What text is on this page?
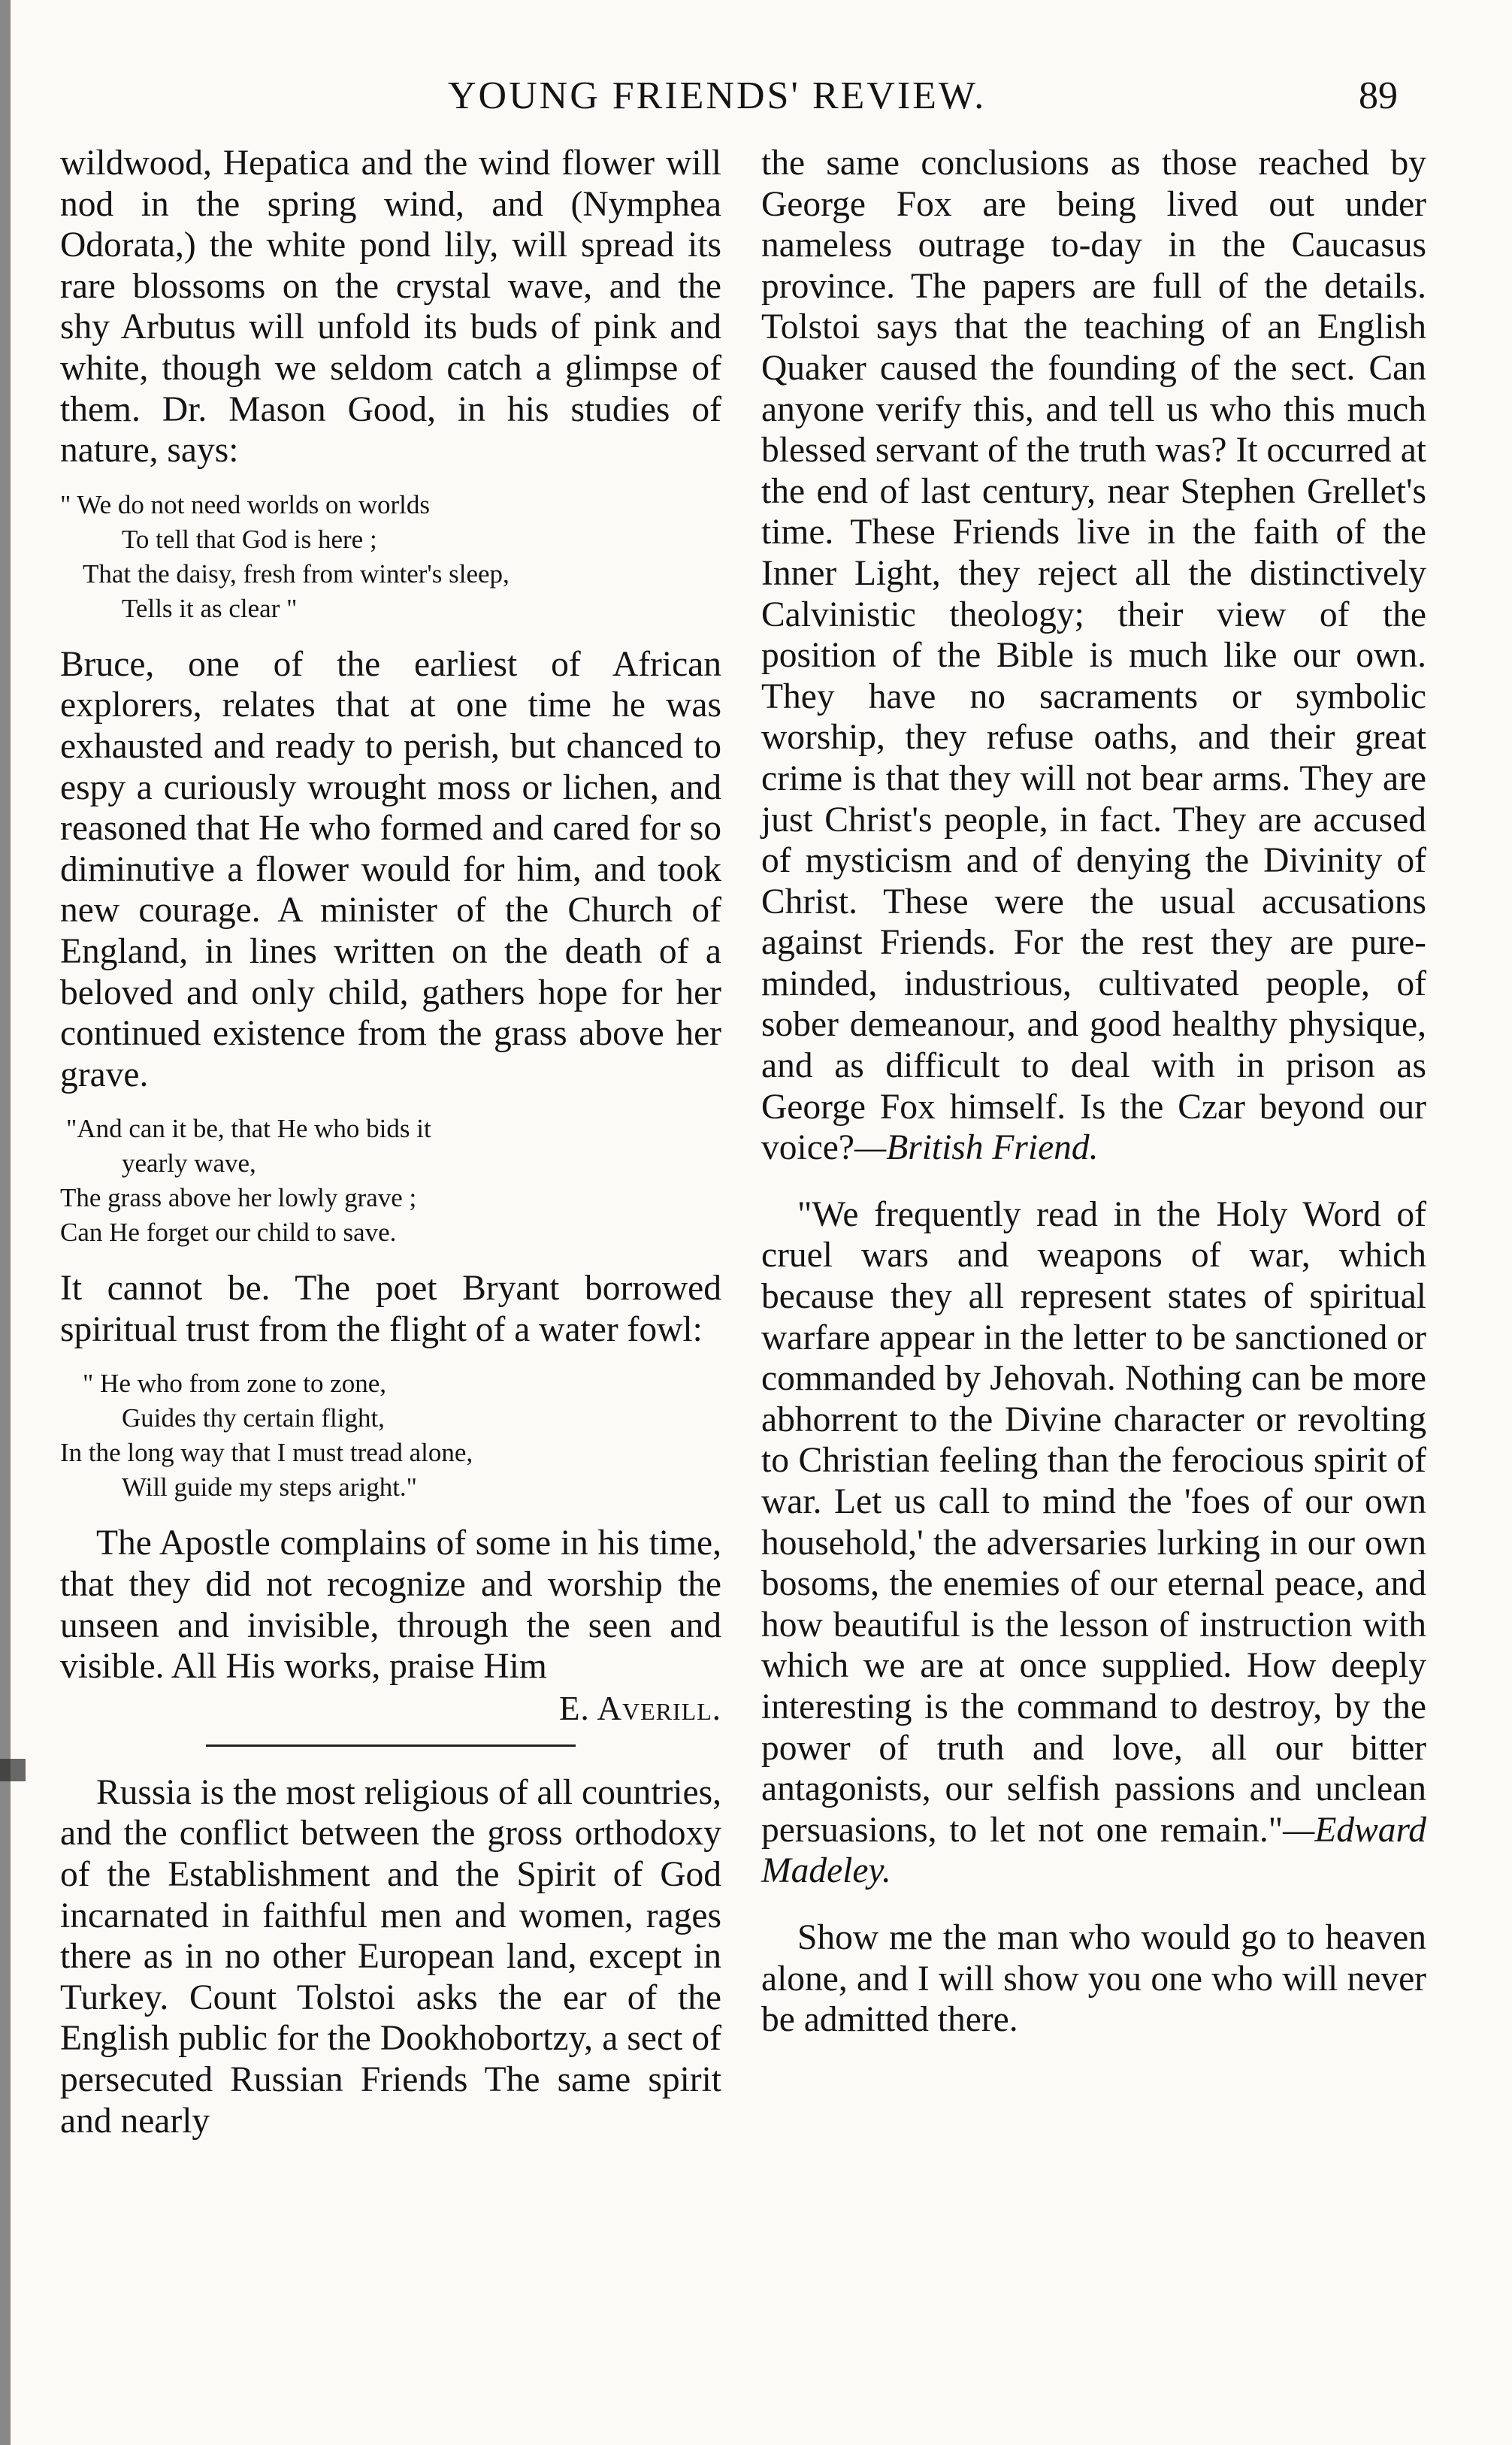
YOUNG FRIENDS' REVIEW.	89

wildwood, Hepatica and the wind flower will nod in the spring wind, and (Nymphea Odorata,) the white pond lily, will spread its rare blossoms on the crystal wave, and the shy Arbutus will unfold its buds of pink and white, though we seldom catch a glimpse of them. Dr. Mason Good, in his studies of nature, says:

" We do not need worlds on worlds
To tell that God is here ;
That the daisy, fresh from winter's sleep,
Tells it as clear "

Bruce, one of the earliest of African explorers, relates that at one time he was exhausted and ready to perish, but chanced to espy a curiously wrought moss or lichen, and reasoned that He who formed and cared for so diminutive a flower would for him, and took new courage. A minister of the Church of England, in lines written on the death of a beloved and only child, gathers hope for her continued existence from the grass above her grave.

"And can it be, that He who bids it
yearly wave,
The grass above her lowly grave ;
Can He forget our child to save.

It cannot be. The poet Bryant borrowed spiritual trust from the flight of a water fowl:

" He who from zone to zone,
Guides thy certain flight,
In the long way that I must tread alone,
Will guide my steps aright."

The Apostle complains of some in his time, that they did not recognize and worship the unseen and invisible, through the seen and visible. All His works, praise Him

E. Averill.

Russia is the most religious of all countries, and the conflict between the gross orthodoxy of the Establishment and the Spirit of God incarnated in faithful men and women, rages there as in no other European land, except in Turkey. Count Tolstoi asks the ear of the English public for the Dookhobortzy, a sect of persecuted Russian Friends The same spirit and nearly

the same conclusions as those reached by George Fox are being lived out under nameless outrage to-day in the Caucasus province. The papers are full of the details. Tolstoi says that the teaching of an English Quaker caused the founding of the sect. Can anyone verify this, and tell us who this much blessed servant of the truth was? It occurred at the end of last century, near Stephen Grellet's time. These Friends live in the faith of the Inner Light, they reject all the distinctively Calvinistic theology; their view of the position of the Bible is much like our own. They have no sacraments or symbolic worship, they refuse oaths, and their great crime is that they will not bear arms. They are just Christ's people, in fact. They are accused of mysticism and of denying the Divinity of Christ. These were the usual accusations against Friends. For the rest they are pure-minded, industrious, cultivated people, of sober demeanour, and good healthy physique, and as difficult to deal with in prison as George Fox himself. Is the Czar beyond our voice?—British Friend.

"We frequently read in the Holy Word of cruel wars and weapons of war, which because they all represent states of spiritual warfare appear in the letter to be sanctioned or commanded by Jehovah. Nothing can be more abhorrent to the Divine character or revolting to Christian feeling than the ferocious spirit of war. Let us call to mind the 'foes of our own household,' the adversaries lurking in our own bosoms, the enemies of our eternal peace, and how beautiful is the lesson of instruction with which we are at once supplied. How deeply interesting is the command to destroy, by the power of truth and love, all our bitter antagonists, our selfish passions and unclean persuasions, to let not one remain."—Edward Madeley.

Show me the man who would go to heaven alone, and I will show you one who will never be admitted there.
